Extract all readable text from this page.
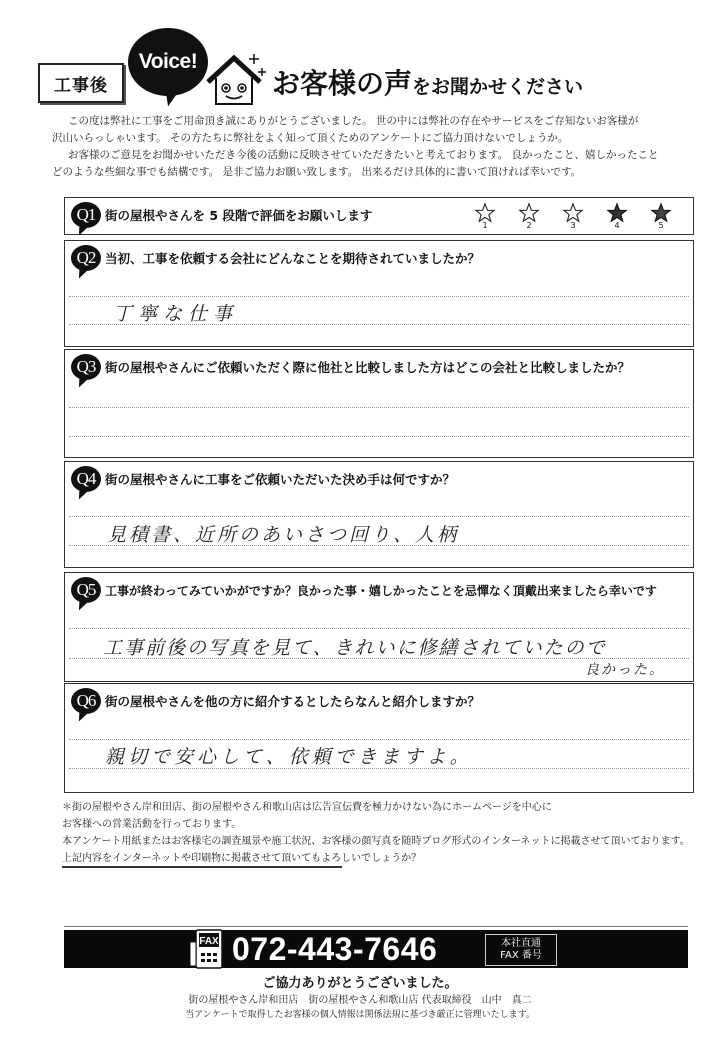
工事後
Voice!
お客様の声をお聞かせください

この度は弊社に工事をご用命頂き誠にありがとうございました。 世の中には弊社の存在やサービスをご存知ないお客様が

沢山いらっしゃいます。 その方たちに弊社をよく知って頂くためのアンケートにご協力頂けないでしょうか。

お客様のご意見をお聞かせいただき今後の活動に反映させていただきたいと考えております。 良かったこと、嬉しかったこと

どのような些細な事でも結構です。 是非ご協力お願い致します。 出来るだけ具体的に書いて頂ければ幸いです。

Q1 街の屋根やさんを 5 段階で評価をお願いします
1	2	3	4	5
Q2 当初、工事を依頼する会社にどんなことを期待されていましたか？
丁寧な仕事
Q3 街の屋根やさんにご依頼いただく際に他社と比較しました方はどこの会社と比較しましたか？
Q4 街の屋根やさんに工事をご依頼いただいた決め手は何ですか？
見積書、近所のあいさつ回り、人柄
Q5 工事が終わってみていかがですか？良かった事・嬉しかったことを忌憚なく頂戴出来ましたら幸いです
工事前後の写真を見て、きれいに修繕されていたので
良かった。
Q6 街の屋根やさんを他の方に紹介するとしたらなんと紹介しますか？
親切で安心して、依頼できますよ。

＊街の屋根やさん岸和田店、街の屋根やさん和歌山店は広告宣伝費を極力かけない為にホームページを中心に

お客様への営業活動を行っております。

本アンケート用紙またはお客様宅の調査風景や施工状況、お客様の顔写真を随時ブログ形式のインターネットに掲載させて頂いております。

上記内容をインターネットや印刷物に掲載させて頂いてもよろしいでしょうか？

FAX 072-443-7646	本社直通
FAX 番号
ご協力ありがとうございました。
街の屋根やさん岸和田店　街の屋根やさん和歌山店 代表取締役　山中　真二
当アンケートで取得したお客様の個人情報は関係法規に基づき厳正に管理いたします。
